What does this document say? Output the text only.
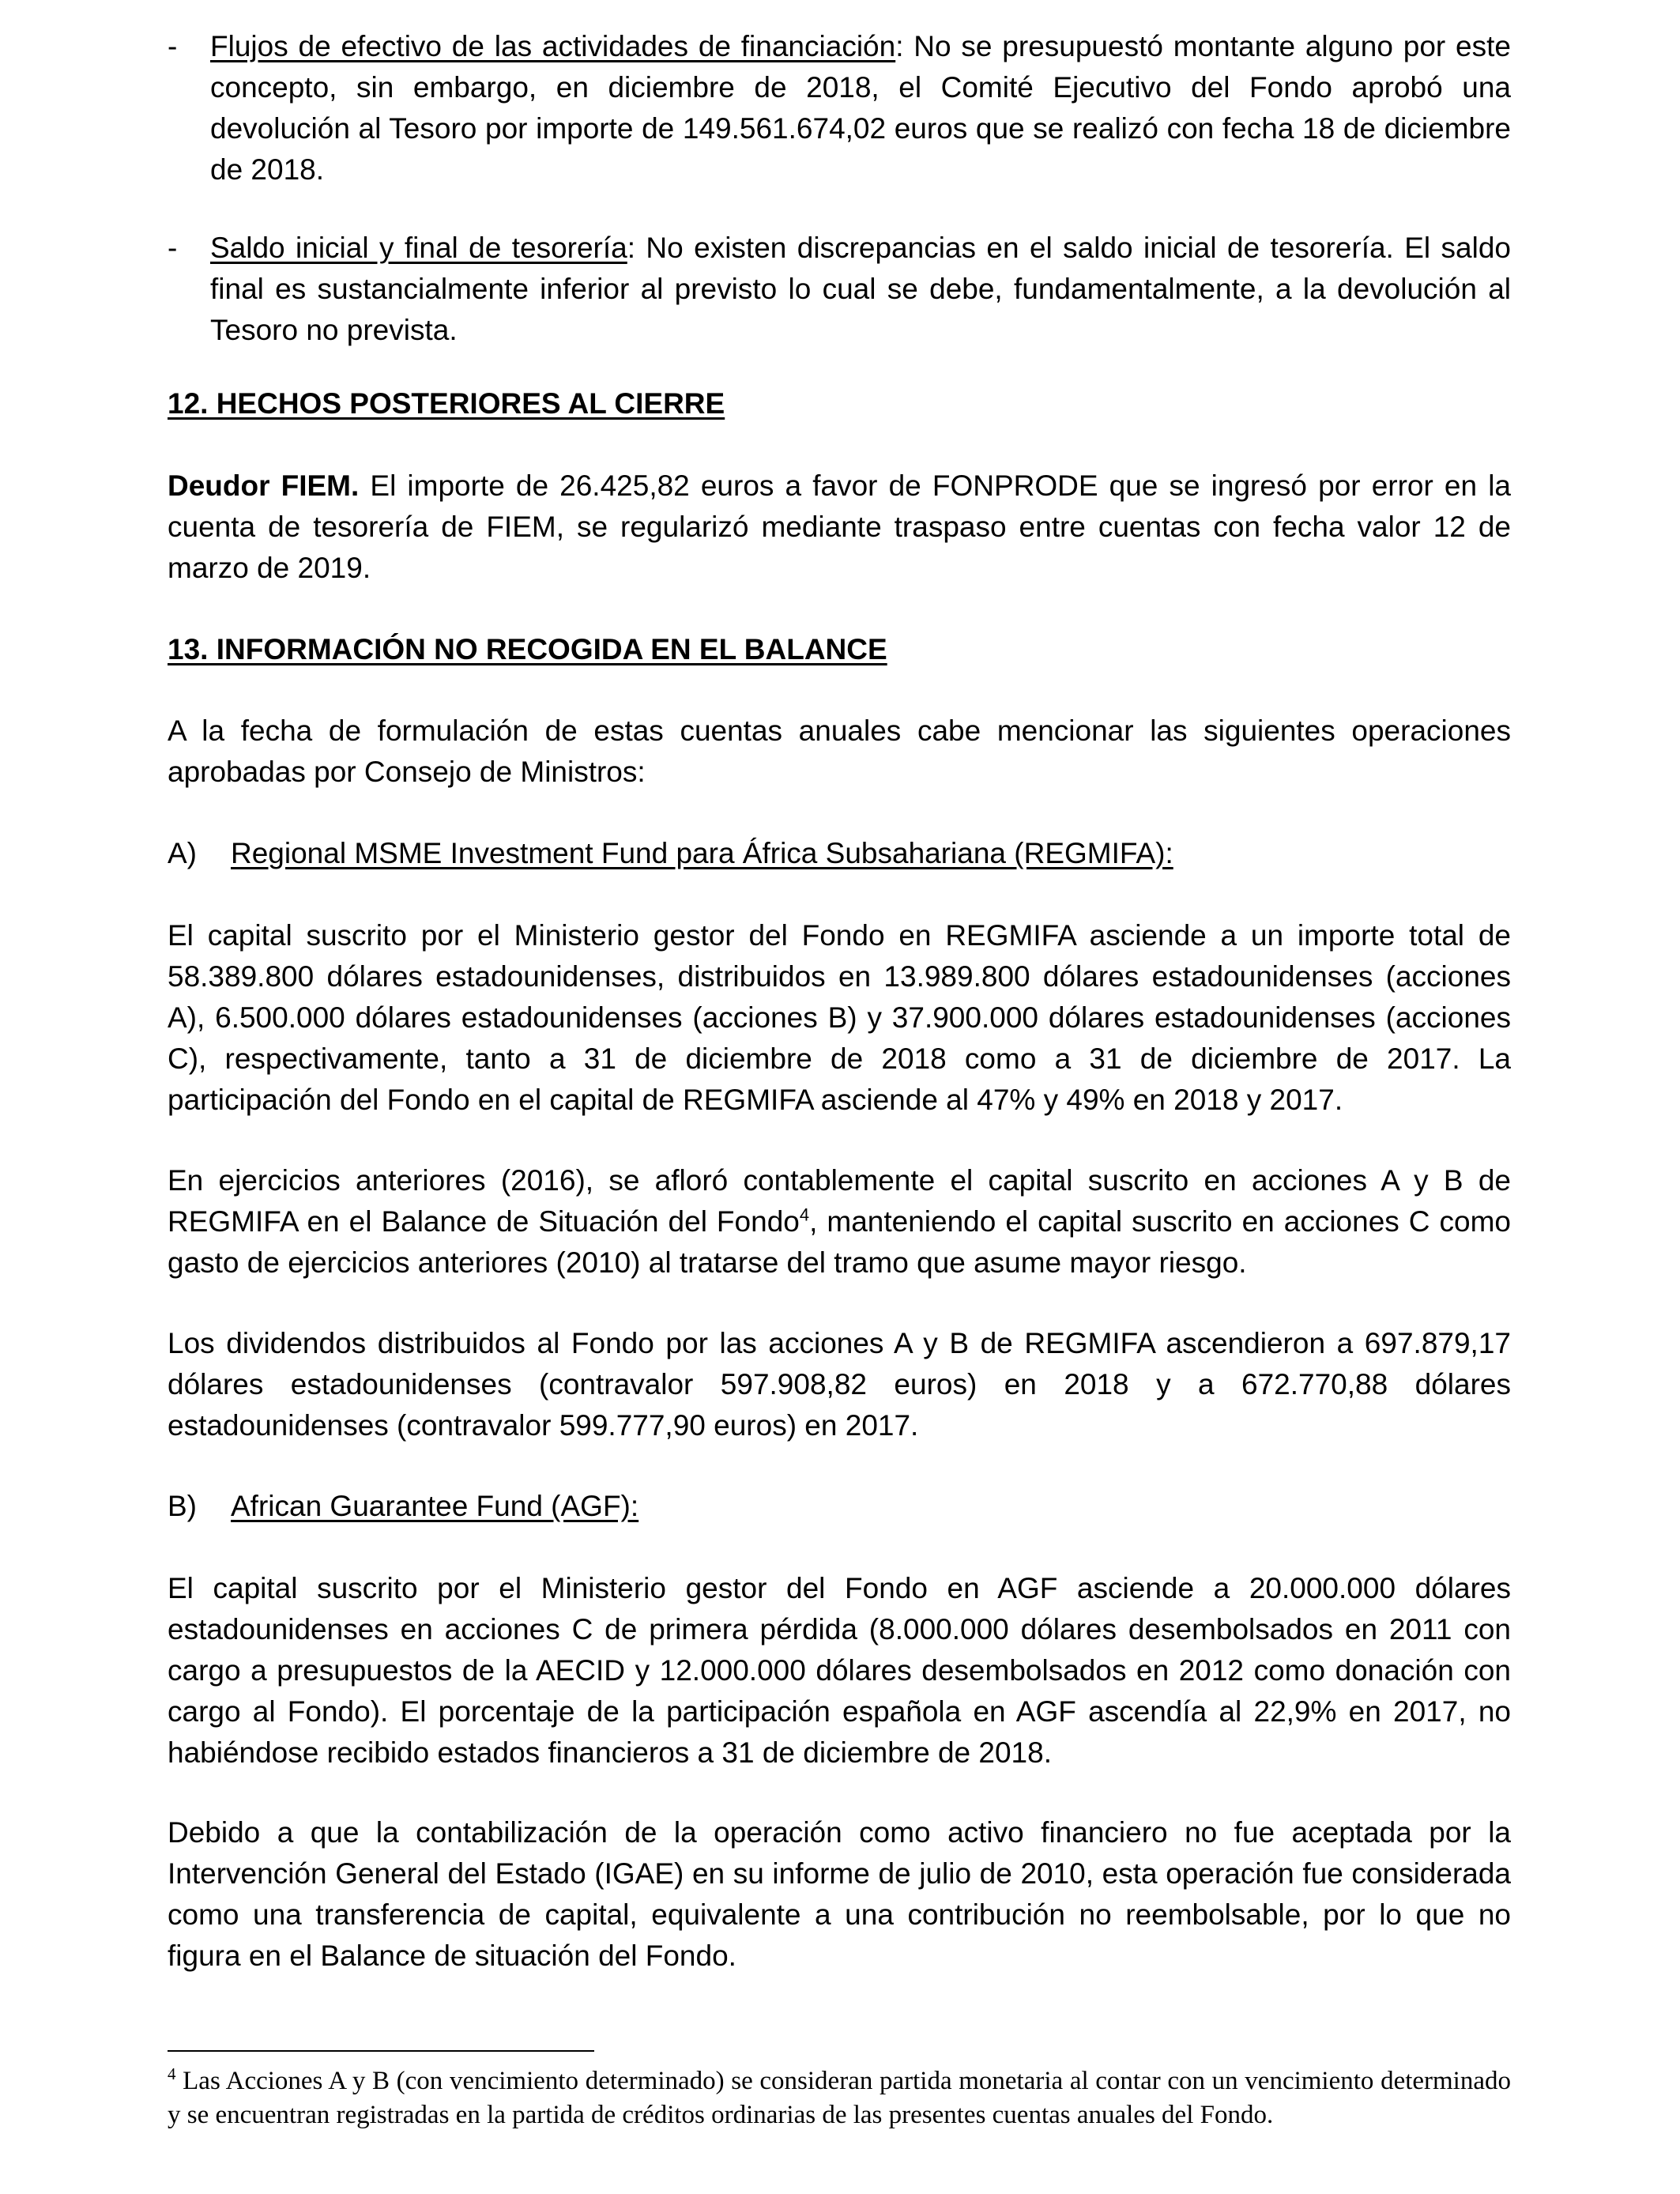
- Flujos de efectivo de las actividades de financiación: No se presupuestó montante alguno por este concepto, sin embargo, en diciembre de 2018, el Comité Ejecutivo del Fondo aprobó una devolución al Tesoro por importe de 149.561.674,02 euros que se realizó con fecha 18 de diciembre de 2018.
- Saldo inicial y final de tesorería: No existen discrepancias en el saldo inicial de tesorería. El saldo final es sustancialmente inferior al previsto lo cual se debe, fundamentalmente, a la devolución al Tesoro no prevista.

12. HECHOS POSTERIORES AL CIERRE

Deudor FIEM. El importe de 26.425,82 euros a favor de FONPRODE que se ingresó por error en la cuenta de tesorería de FIEM, se regularizó mediante traspaso entre cuentas con fecha valor 12 de marzo de 2019.

13. INFORMACIÓN NO RECOGIDA EN EL BALANCE

A la fecha de formulación de estas cuentas anuales cabe mencionar las siguientes operaciones aprobadas por Consejo de Ministros:

A) Regional MSME Investment Fund para África Subsahariana (REGMIFA):

El capital suscrito por el Ministerio gestor del Fondo en REGMIFA asciende a un importe total de 58.389.800 dólares estadounidenses, distribuidos en 13.989.800 dólares estadounidenses (acciones A), 6.500.000 dólares estadounidenses (acciones B) y 37.900.000 dólares estadounidenses (acciones C), respectivamente, tanto a 31 de diciembre de 2018 como a 31 de diciembre de 2017. La participación del Fondo en el capital de REGMIFA asciende al 47% y 49% en 2018 y 2017.

En ejercicios anteriores (2016), se afloró contablemente el capital suscrito en acciones A y B de REGMIFA en el Balance de Situación del Fondo$^4$, manteniendo el capital suscrito en acciones C como gasto de ejercicios anteriores (2010) al tratarse del tramo que asume mayor riesgo.

Los dividendos distribuidos al Fondo por las acciones A y B de REGMIFA ascendieron a 697.879,17 dólares estadounidenses (contravalor 597.908,82 euros) en 2018 y a 672.770,88 dólares estadounidenses (contravalor 599.777,90 euros) en 2017.

B) African Guarantee Fund (AGF):

El capital suscrito por el Ministerio gestor del Fondo en AGF asciende a 20.000.000 dólares estadounidenses en acciones C de primera pérdida (8.000.000 dólares desembolsados en 2011 con cargo a presupuestos de la AECID y 12.000.000 dólares desembolsados en 2012 como donación con cargo al Fondo). El porcentaje de la participación española en AGF ascendía al 22,9% en 2017, no habiéndose recibido estados financieros a 31 de diciembre de 2018.

Debido a que la contabilización de la operación como activo financiero no fue aceptada por la Intervención General del Estado (IGAE) en su informe de julio de 2010, esta operación fue considerada como una transferencia de capital, equivalente a una contribución no reembolsable, por lo que no figura en el Balance de situación del Fondo.

$^4$ Las Acciones A y B (con vencimiento determinado) se consideran partida monetaria al contar con un vencimiento determinado y se encuentran registradas en la partida de créditos ordinarias de las presentes cuentas anuales del Fondo.
